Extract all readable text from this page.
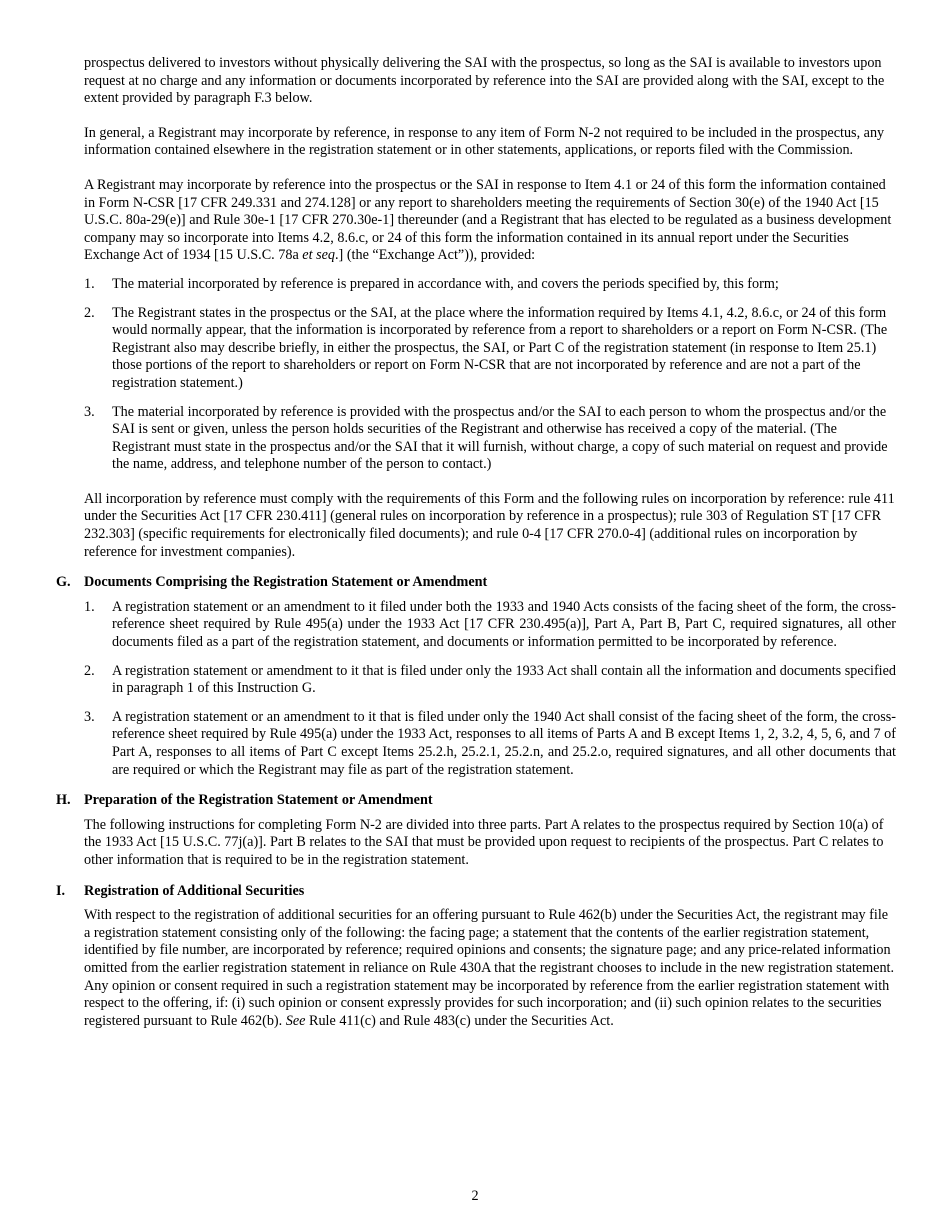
prospectus delivered to investors without physically delivering the SAI with the prospectus, so long as the SAI is available to investors upon request at no charge and any information or documents incorporated by reference into the SAI are provided along with the SAI, except to the extent provided by paragraph F.3 below.

In general, a Registrant may incorporate by reference, in response to any item of Form N-2 not required to be included in the prospectus, any information contained elsewhere in the registration statement or in other statements, applications, or reports filed with the Commission.

A Registrant may incorporate by reference into the prospectus or the SAI in response to Item 4.1 or 24 of this form the information contained in Form N-CSR [17 CFR 249.331 and 274.128] or any report to shareholders meeting the requirements of Section 30(e) of the 1940 Act [15 U.S.C. 80a-29(e)] and Rule 30e-1 [17 CFR 270.30e-1] thereunder (and a Registrant that has elected to be regulated as a business development company may so incorporate into Items 4.2, 8.6.c, or 24 of this form the information contained in its annual report under the Securities Exchange Act of 1934 [15 U.S.C. 78a et seq.] (the “Exchange Act”)), provided:

1.	The material incorporated by reference is prepared in accordance with, and covers the periods specified by, this form;
2.	The Registrant states in the prospectus or the SAI, at the place where the information required by Items 4.1, 4.2, 8.6.c, or 24 of this form would normally appear, that the information is incorporated by reference from a report to shareholders or a report on Form N-CSR. (The Registrant also may describe briefly, in either the prospectus, the SAI, or Part C of the registration statement (in response to Item 25.1) those portions of the report to shareholders or report on Form N-CSR that are not incorporated by reference and are not a part of the registration statement.)
3.	The material incorporated by reference is provided with the prospectus and/or the SAI to each person to whom the prospectus and/or the SAI is sent or given, unless the person holds securities of the Registrant and otherwise has received a copy of the material. (The Registrant must state in the prospectus and/or the SAI that it will furnish, without charge, a copy of such material on request and provide the name, address, and telephone number of the person to contact.)

All incorporation by reference must comply with the requirements of this Form and the following rules on incorporation by reference: rule 411 under the Securities Act [17 CFR 230.411] (general rules on incorporation by reference in a prospectus); rule 303 of Regulation ST [17 CFR 232.303] (specific requirements for electronically filed documents); and rule 0-4 [17 CFR 270.0-4] (additional rules on incorporation by reference for investment companies).

G. Documents Comprising the Registration Statement or Amendment
1.	A registration statement or an amendment to it filed under both the 1933 and 1940 Acts consists of the facing sheet of the form, the cross-reference sheet required by Rule 495(a) under the 1933 Act [17 CFR 230.495(a)], Part A, Part B, Part C, required signatures, all other documents filed as a part of the registration statement, and documents or information permitted to be incorporated by reference.
2.	A registration statement or amendment to it that is filed under only the 1933 Act shall contain all the information and documents specified in paragraph 1 of this Instruction G.
3.	A registration statement or an amendment to it that is filed under only the 1940 Act shall consist of the facing sheet of the form, the cross-reference sheet required by Rule 495(a) under the 1933 Act, responses to all items of Parts A and B except Items 1, 2, 3.2, 4, 5, 6, and 7 of Part A, responses to all items of Part C except Items 25.2.h, 25.2.1, 25.2.n, and 25.2.o, required signatures, and all other documents that are required or which the Registrant may file as part of the registration statement.
H. Preparation of the Registration Statement or Amendment

The following instructions for completing Form N-2 are divided into three parts. Part A relates to the prospectus required by Section 10(a) of the 1933 Act [15 U.S.C. 77j(a)]. Part B relates to the SAI that must be provided upon request to recipients of the prospectus. Part C relates to other information that is required to be in the registration statement.

I. Registration of Additional Securities

With respect to the registration of additional securities for an offering pursuant to Rule 462(b) under the Securities Act, the registrant may file a registration statement consisting only of the following: the facing page; a statement that the contents of the earlier registration statement, identified by file number, are incorporated by reference; required opinions and consents; the signature page; and any price-related information omitted from the earlier registration statement in reliance on Rule 430A that the registrant chooses to include in the new registration statement. Any opinion or consent required in such a registration statement may be incorporated by reference from the earlier registration statement with respect to the offering, if: (i) such opinion or consent expressly provides for such incorporation; and (ii) such opinion relates to the securities registered pursuant to Rule 462(b). See Rule 411(c) and Rule 483(c) under the Securities Act.

2
